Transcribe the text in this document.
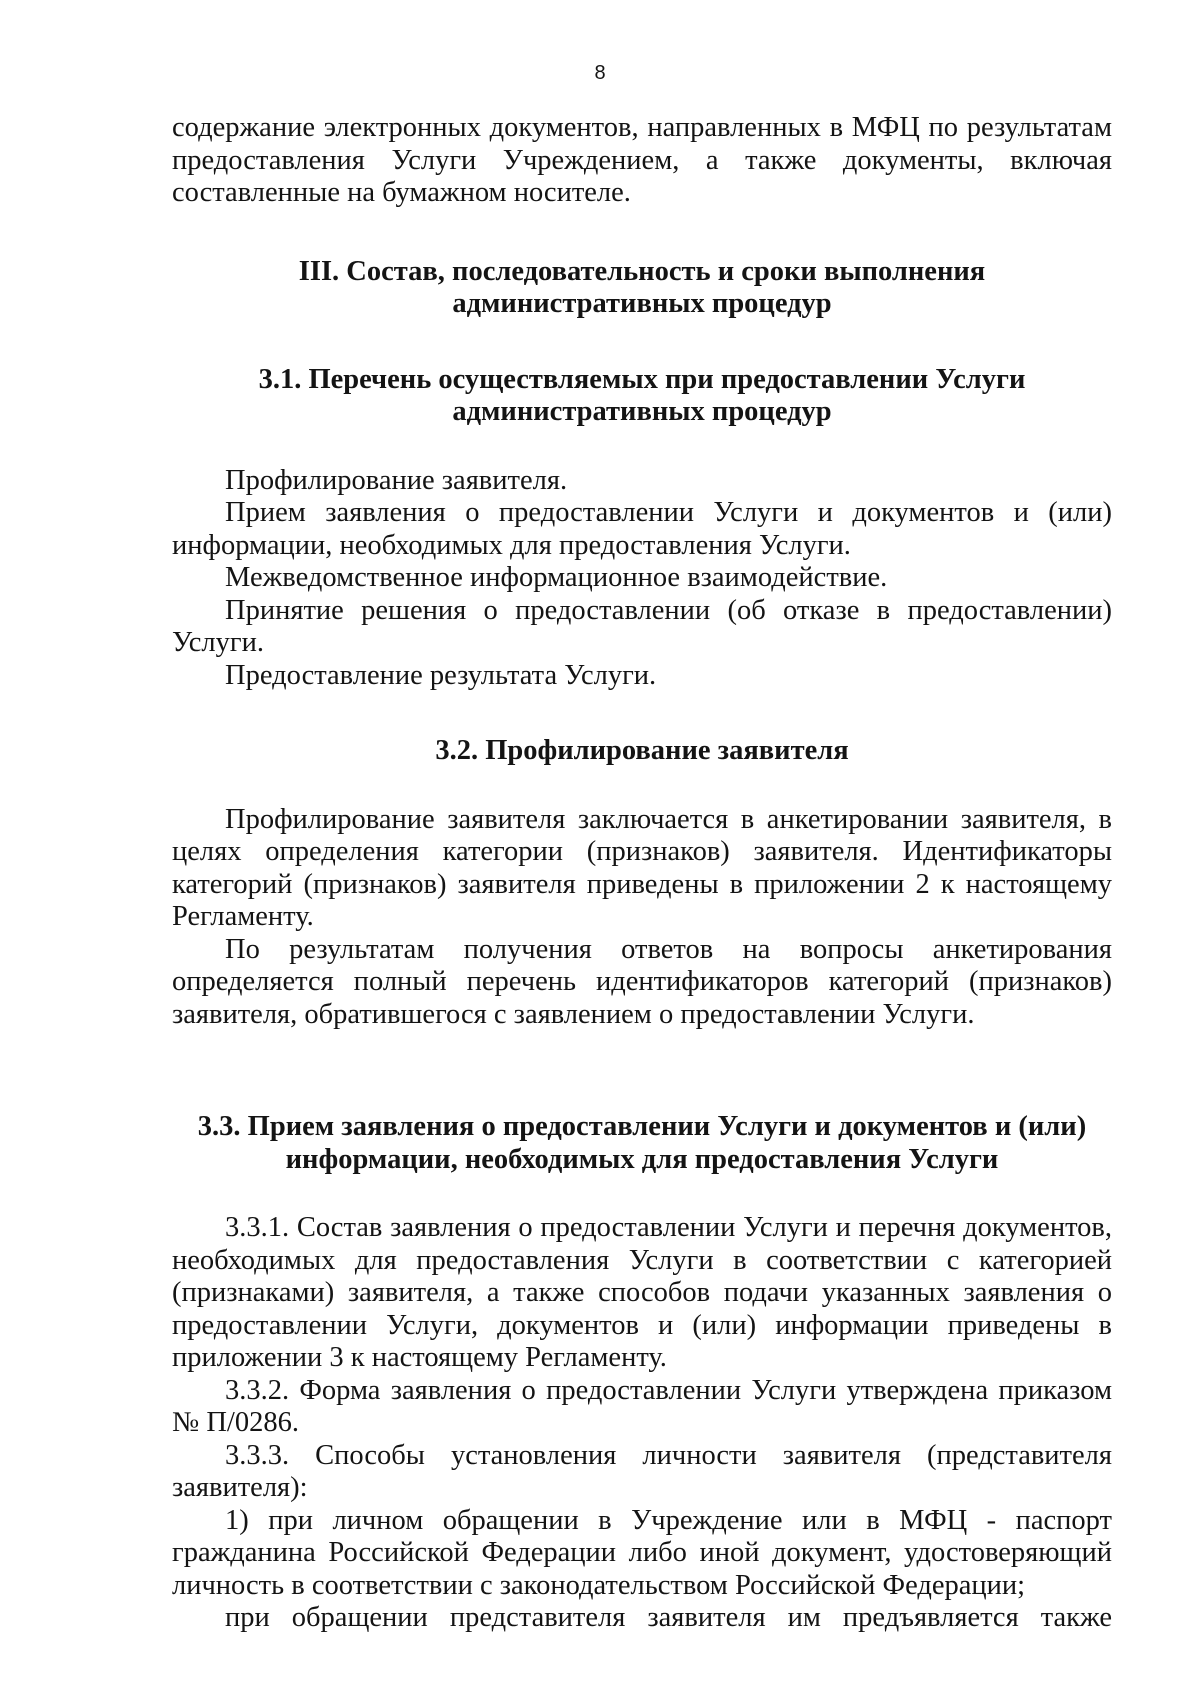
8

содержание электронных документов, направленных в МФЦ по результатам предоставления Услуги Учреждением, а также документы, включая составленные на бумажном носителе.

III. Состав, последовательность и сроки выполнения
административных процедур

3.1. Перечень осуществляемых при предоставлении Услуги
административных процедур

Профилирование заявителя.

Прием заявления о предоставлении Услуги и документов и (или) информации, необходимых для предоставления Услуги.

Межведомственное информационное взаимодействие.

Принятие решения о предоставлении (об отказе в предоставлении) Услуги.

Предоставление результата Услуги.

3.2. Профилирование заявителя

Профилирование заявителя заключается в анкетировании заявителя, в целях определения категории (признаков) заявителя. Идентификаторы категорий (признаков) заявителя приведены в приложении 2 к настоящему Регламенту.

По результатам получения ответов на вопросы анкетирования определяется полный перечень идентификаторов категорий (признаков) заявителя, обратившегося с заявлением о предоставлении Услуги.

3.3. Прием заявления о предоставлении Услуги и документов и (или)
информации, необходимых для предоставления Услуги

3.3.1. Состав заявления о предоставлении Услуги и перечня документов, необходимых для предоставления Услуги в соответствии с категорией (признаками) заявителя, а также способов подачи указанных заявления о предоставлении Услуги, документов и (или) информации приведены в приложении 3 к настоящему Регламенту.

3.3.2. Форма заявления о предоставлении Услуги утверждена приказом № П/0286.

3.3.3. Способы установления личности заявителя (представителя заявителя):

1) при личном обращении в Учреждение или в МФЦ - паспорт гражданина Российской Федерации либо иной документ, удостоверяющий личность в соответствии с законодательством Российской Федерации;

при обращении представителя заявителя им предъявляется также
